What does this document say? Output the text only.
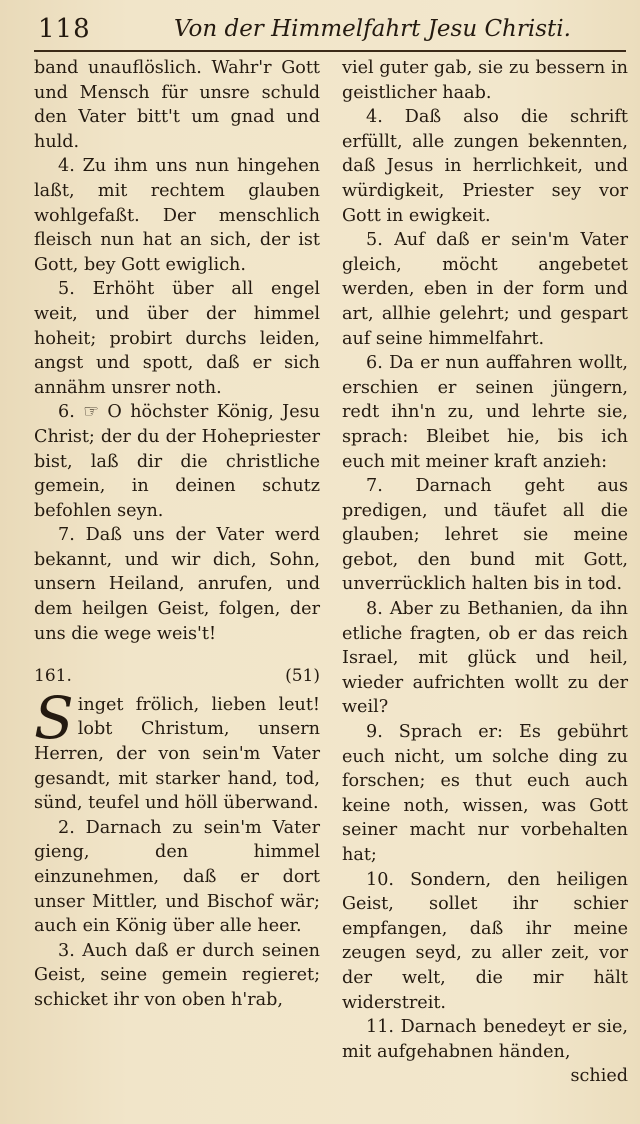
118	Von der Himmelfahrt Jesu Christi.

band unauflöslich. Wahr'r Gott und Mensch für unsre schuld den Vater bitt't um gnad und huld.

4. Zu ihm uns nun hingehen laßt, mit rechtem glauben wohlgefaßt. Der menschlich fleisch nun hat an sich, der ist Gott, bey Gott ewiglich.

5. Erhöht über all engel weit, und über der himmel hoheit; probirt durchs leiden, angst und spott, daß er sich annähm unsrer noth.

6. ☞ O höchster König, Jesu Christ; der du der Hohepriester bist, laß dir die christliche gemein, in deinen schutz befohlen seyn.

7. Daß uns der Vater werd bekannt, und wir dich, Sohn, unsern Heiland, anrufen, und dem heilgen Geist, folgen, der uns die wege weis't!

161.	(51)

Singet frölich, lieben leut! lobt Christum, unsern Herren, der von sein'm Vater gesandt, mit starker hand, tod, sünd, teufel und höll überwand.

2. Darnach zu sein'm Vater gieng, den himmel einzunehmen, daß er dort unser Mittler, und Bischof wär; auch ein König über alle heer.

3. Auch daß er durch seinen Geist, seine gemein regieret; schicket ihr von oben h'rab,

viel guter gab, sie zu bessern in geistlicher haab.

4. Daß also die schrift erfüllt, alle zungen bekennten, daß Jesus in herrlichkeit, und würdigkeit, Priester sey vor Gott in ewigkeit.

5. Auf daß er sein'm Vater gleich, möcht angebetet werden, eben in der form und art, allhie gelehrt; und gespart auf seine himmelfahrt.

6. Da er nun auffahren wollt, erschien er seinen jüngern, redt ihn'n zu, und lehrte sie, sprach: Bleibet hie, bis ich euch mit meiner kraft anzieh:

7. Darnach geht aus predigen, und täufet all die glauben; lehret sie meine gebot, den bund mit Gott, unverrücklich halten bis in tod.

8. Aber zu Bethanien, da ihn etliche fragten, ob er das reich Israel, mit glück und heil, wieder aufrichten wollt zu der weil?

9. Sprach er: Es gebührt euch nicht, um solche ding zu forschen; es thut euch auch keine noth, wissen, was Gott seiner macht nur vorbehalten hat;

10. Sondern, den heiligen Geist, sollet ihr schier empfangen, daß ihr meine zeugen seyd, zu aller zeit, vor der welt, die mir hält widerstreit.

11. Darnach benedeyt er sie, mit aufgehabnen händen,

schied
